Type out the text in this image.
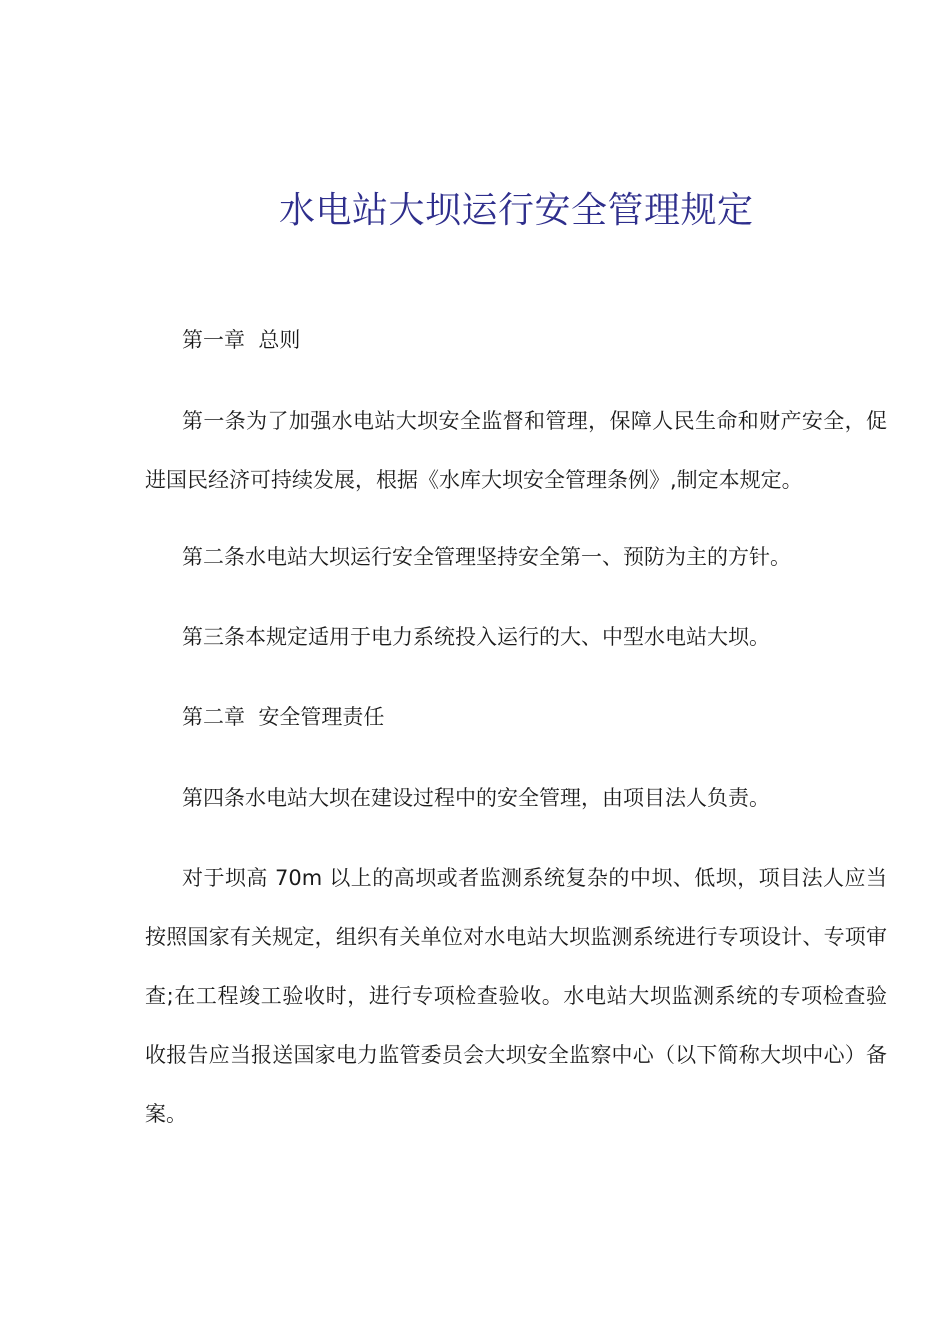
水电站大坝运行安全管理规定

第一章  总则

第一条为了加强水电站大坝安全监督和管理，保障人民生命和财产安全，促进国民经济可持续发展，根据《水库大坝安全管理条例》,制定本规定。

第二条水电站大坝运行安全管理坚持安全第一、预防为主的方针。

第三条本规定适用于电力系统投入运行的大、中型水电站大坝。

第二章  安全管理责任

第四条水电站大坝在建设过程中的安全管理，由项目法人负责。

对于坝高 70m 以上的高坝或者监测系统复杂的中坝、低坝，项目法人应当按照国家有关规定，组织有关单位对水电站大坝监测系统进行专项设计、专项审查;在工程竣工验收时，进行专项检查验收。水电站大坝监测系统的专项检查验收报告应当报送国家电力监管委员会大坝安全监察中心（以下简称大坝中心）备案。
